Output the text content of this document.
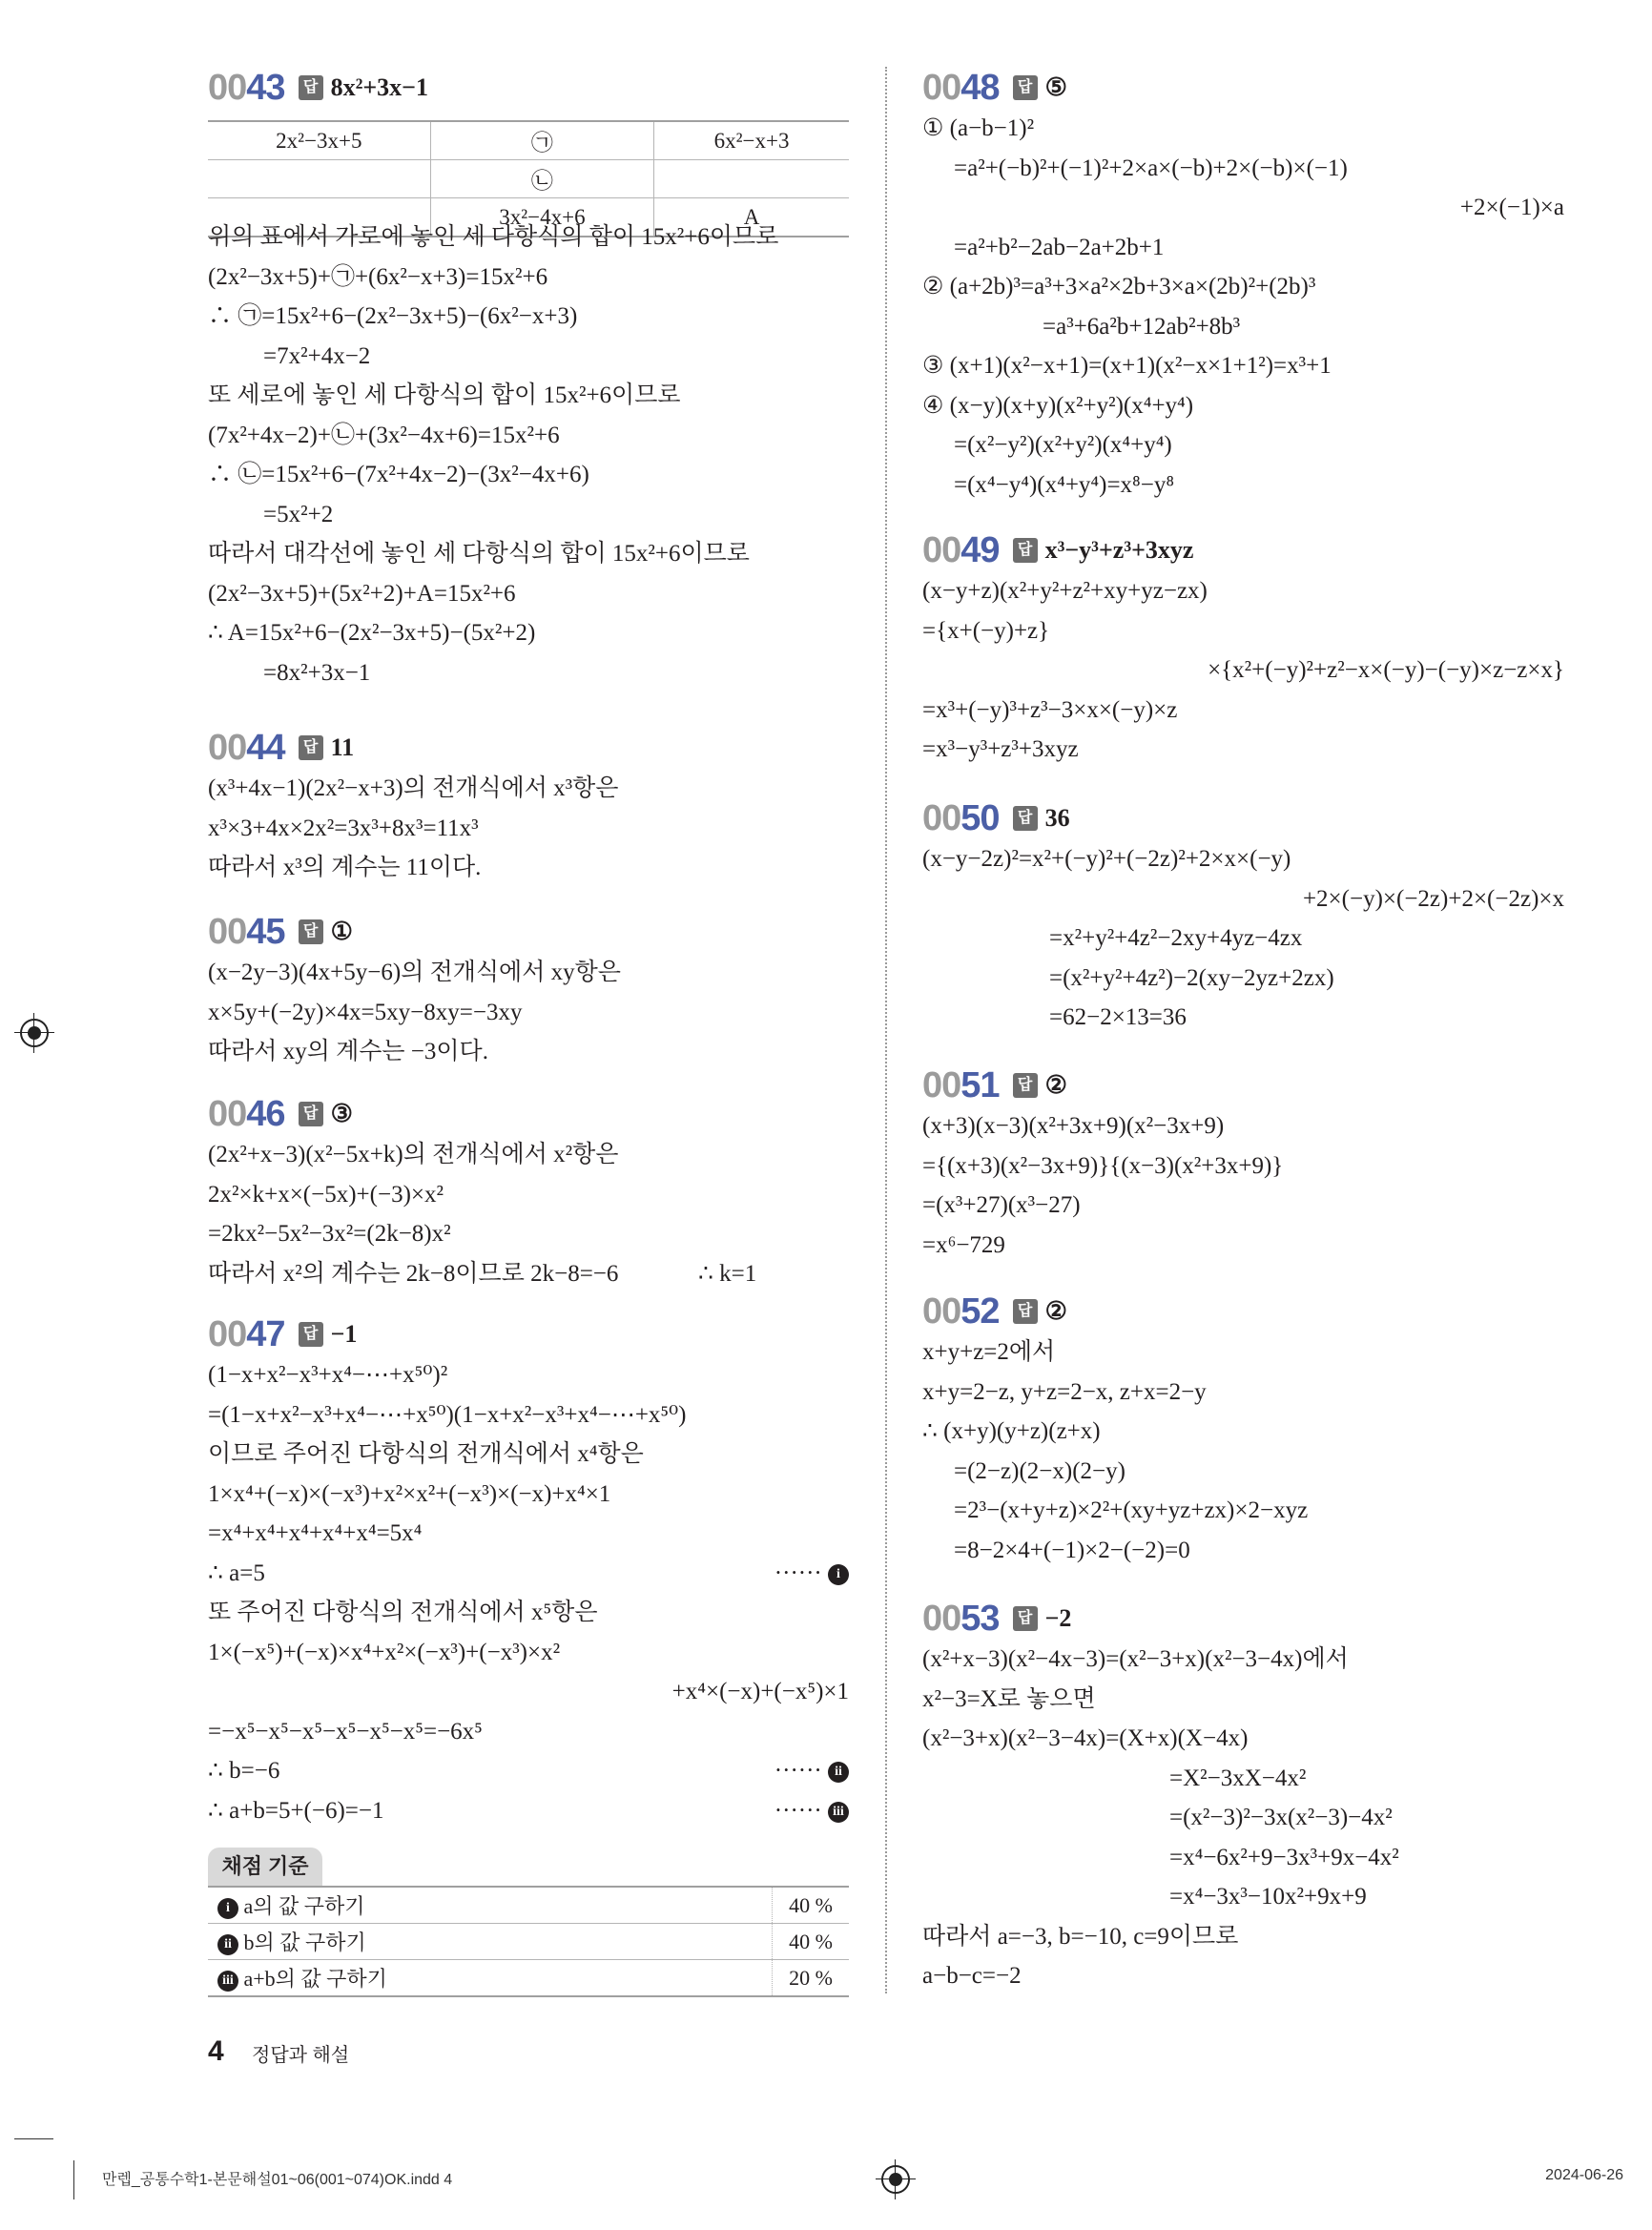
0043	답 8x²+3x−1
2x²−3x+5	㉠	6x²−x+3
	㉡	
	3x²−4x+6	A
위의 표에서 가로에 놓인 세 다항식의 합이 15x²+6이므로
(2x²−3x+5)+㉠+(6x²−x+3)=15x²+6
∴ ㉠=15x²+6−(2x²−3x+5)−(6x²−x+3)
=7x²+4x−2
또 세로에 놓인 세 다항식의 합이 15x²+6이므로
(7x²+4x−2)+㉡+(3x²−4x+6)=15x²+6
∴ ㉡=15x²+6−(7x²+4x−2)−(3x²−4x+6)
=5x²+2
따라서 대각선에 놓인 세 다항식의 합이 15x²+6이므로
(2x²−3x+5)+(5x²+2)+A=15x²+6
∴ A=15x²+6−(2x²−3x+5)−(5x²+2)
=8x²+3x−1
0044	답 11
(x³+4x−1)(2x²−x+3)의 전개식에서 x³항은
x³×3+4x×2x²=3x³+8x³=11x³
따라서 x³의 계수는 11이다.
0045	답 ①
(x−2y−3)(4x+5y−6)의 전개식에서 xy항은
x×5y+(−2y)×4x=5xy−8xy=−3xy
따라서 xy의 계수는 −3이다.
0046	답 ③
(2x²+x−3)(x²−5x+k)의 전개식에서 x²항은
2x²×k+x×(−5x)+(−3)×x²
=2kx²−5x²−3x²=(2k−8)x²
따라서 x²의 계수는 2k−8이므로 2k−8=−6	∴ k=1
0047	답 −1
(1−x+x²−x³+x⁴−⋯+x⁵⁰)²
=(1−x+x²−x³+x⁴−⋯+x⁵⁰)(1−x+x²−x³+x⁴−⋯+x⁵⁰)
이므로 주어진 다항식의 전개식에서 x⁴항은
1×x⁴+(−x)×(−x³)+x²×x²+(−x³)×(−x)+x⁴×1
=x⁴+x⁴+x⁴+x⁴+x⁴=5x⁴
∴ a=5	······ i
또 주어진 다항식의 전개식에서 x⁵항은
1×(−x⁵)+(−x)×x⁴+x²×(−x³)+(−x³)×x²
+x⁴×(−x)+(−x⁵)×1
=−x⁵−x⁵−x⁵−x⁵−x⁵−x⁵=−6x⁵
∴ b=−6	······ ii
∴ a+b=5+(−6)=−1	······ iii
0048	답 ⑤
① (a−b−1)²
=a²+(−b)²+(−1)²+2×a×(−b)+2×(−b)×(−1)
+2×(−1)×a
=a²+b²−2ab−2a+2b+1
② (a+2b)³=a³+3×a²×2b+3×a×(2b)²+(2b)³
=a³+6a²b+12ab²+8b³
③ (x+1)(x²−x+1)=(x+1)(x²−x×1+1²)=x³+1
④ (x−y)(x+y)(x²+y²)(x⁴+y⁴)
=(x²−y²)(x²+y²)(x⁴+y⁴)
=(x⁴−y⁴)(x⁴+y⁴)=x⁸−y⁸
0049	답 x³−y³+z³+3xyz
(x−y+z)(x²+y²+z²+xy+yz−zx)
={x+(−y)+z}
×{x²+(−y)²+z²−x×(−y)−(−y)×z−z×x}
=x³+(−y)³+z³−3×x×(−y)×z
=x³−y³+z³+3xyz
0050	답 36
(x−y−2z)²=x²+(−y)²+(−2z)²+2×x×(−y)
+2×(−y)×(−2z)+2×(−2z)×x
=x²+y²+4z²−2xy+4yz−4zx
=(x²+y²+4z²)−2(xy−2yz+2zx)
=62−2×13=36
0051	답 ②
(x+3)(x−3)(x²+3x+9)(x²−3x+9)
={(x+3)(x²−3x+9)}{(x−3)(x²+3x+9)}
=(x³+27)(x³−27)
=x⁶−729
0052	답 ②
x+y+z=2에서
x+y=2−z, y+z=2−x, z+x=2−y
∴ (x+y)(y+z)(z+x)
=(2−z)(2−x)(2−y)
=2³−(x+y+z)×2²+(xy+yz+zx)×2−xyz
=8−2×4+(−1)×2−(−2)=0
0053	답 −2
(x²+x−3)(x²−4x−3)=(x²−3+x)(x²−3−4x)에서
x²−3=X로 놓으면
(x²−3+x)(x²−3−4x)=(X+x)(X−4x)
=X²−3xX−4x²
=(x²−3)²−3x(x²−3)−4x²
=x⁴−6x²+9−3x³+9x−4x²
=x⁴−3x³−10x²+9x+9
따라서 a=−3, b=−10, c=9이므로
a−b−c=−2
채점 기준
i a의 값 구하기	40 %
ii b의 값 구하기	40 %
iii a+b의 값 구하기	20 %
4 정답과 해설
만렙_공통수학1-본문해설01~06(001~074)OK.indd 4	2024-06-26
